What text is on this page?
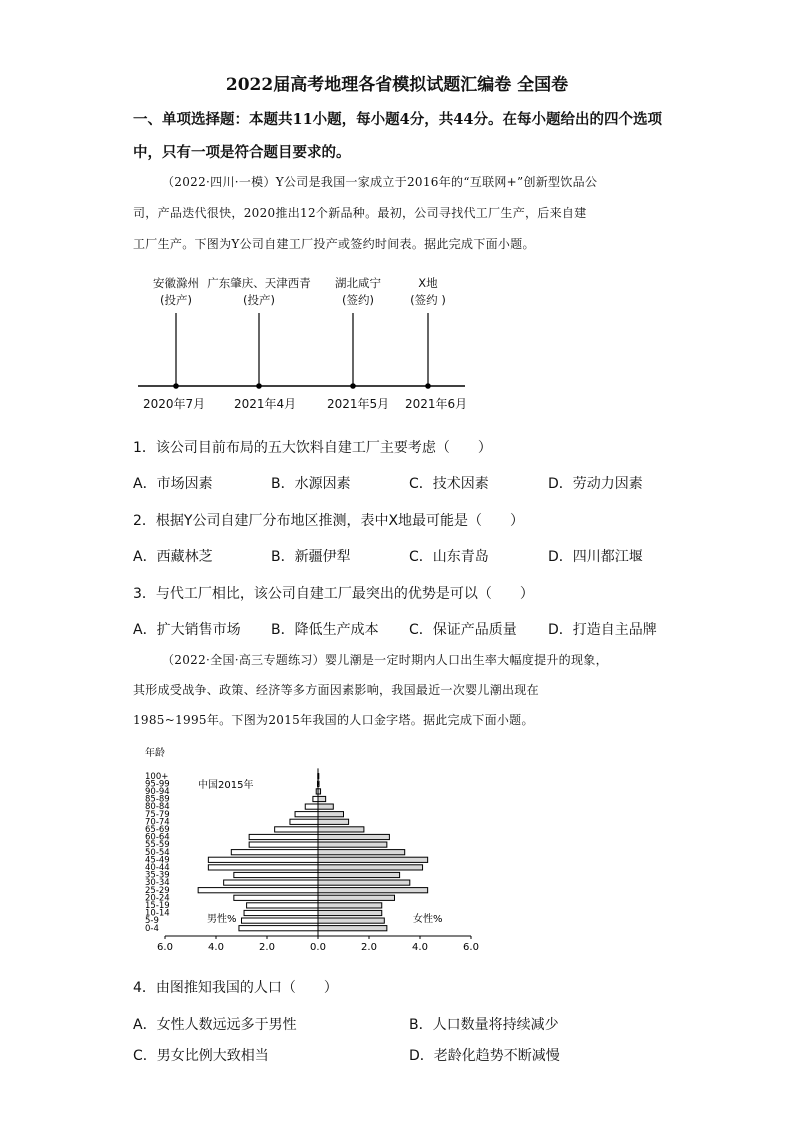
2022届高考地理各省模拟试题汇编卷 全国卷
一、单项选择题：本题共11小题，每小题4分，共44分。在每小题给出的四个选项
中，只有一项是符合题目要求的。
（2022·四川·一模）Y公司是我国一家成立于2016年的“互联网+”创新型饮品公
司，产品迭代很快，2020推出12个新品种。最初，公司寻找代工厂生产，后来自建
工厂生产。下图为Y公司自建工厂投产或签约时间表。据此完成下面小题。
安徽滁州
(投产)
广东肇庆、天津西青
(投产)
湖北咸宁
(签约)
X地
(签约 )
2020年7月 2021年4月	2021年5月 2021年6月
1．该公司目前布局的五大饮料自建工厂主要考虑（　　）
A．市场因素	B．水源因素	C．技术因素	D．劳动力因素
2．根据Y公司自建厂分布地区推测，表中X地最可能是（　　）
A．西藏林芝	B．新疆伊犁	C．山东青岛	D．四川都江堰
3．与代工厂相比，该公司自建工厂最突出的优势是可以（　　）
A．扩大销售市场 B．降低生产成本 C．保证产品质量 D．打造自主品牌
（2022·全国·高三专题练习）婴儿潮是一定时期内人口出生率大幅度提升的现象，
其形成受战争、政策、经济等多方面因素影响，我国最近一次婴儿潮出现在
1985~1995年。下图为2015年我国的人口金字塔。据此完成下面小题。
0-4
5-9
10-14
15-19
20-24
25-29
30-34
35-39
40-44
45-49
50-54
55-59
60-64
65-69
70-74
75-79
80-84
85-89
90-94
95-99
100+
6.0	4.0	2.0	0.0	2.0	4.0	6.0
年龄
中国2015年
男性%	女性%
4．由图推知我国的人口（　　）
A．女性人数远远多于男性	B．人口数量将持续减少
C．男女比例大致相当	D．老龄化趋势不断减慢
